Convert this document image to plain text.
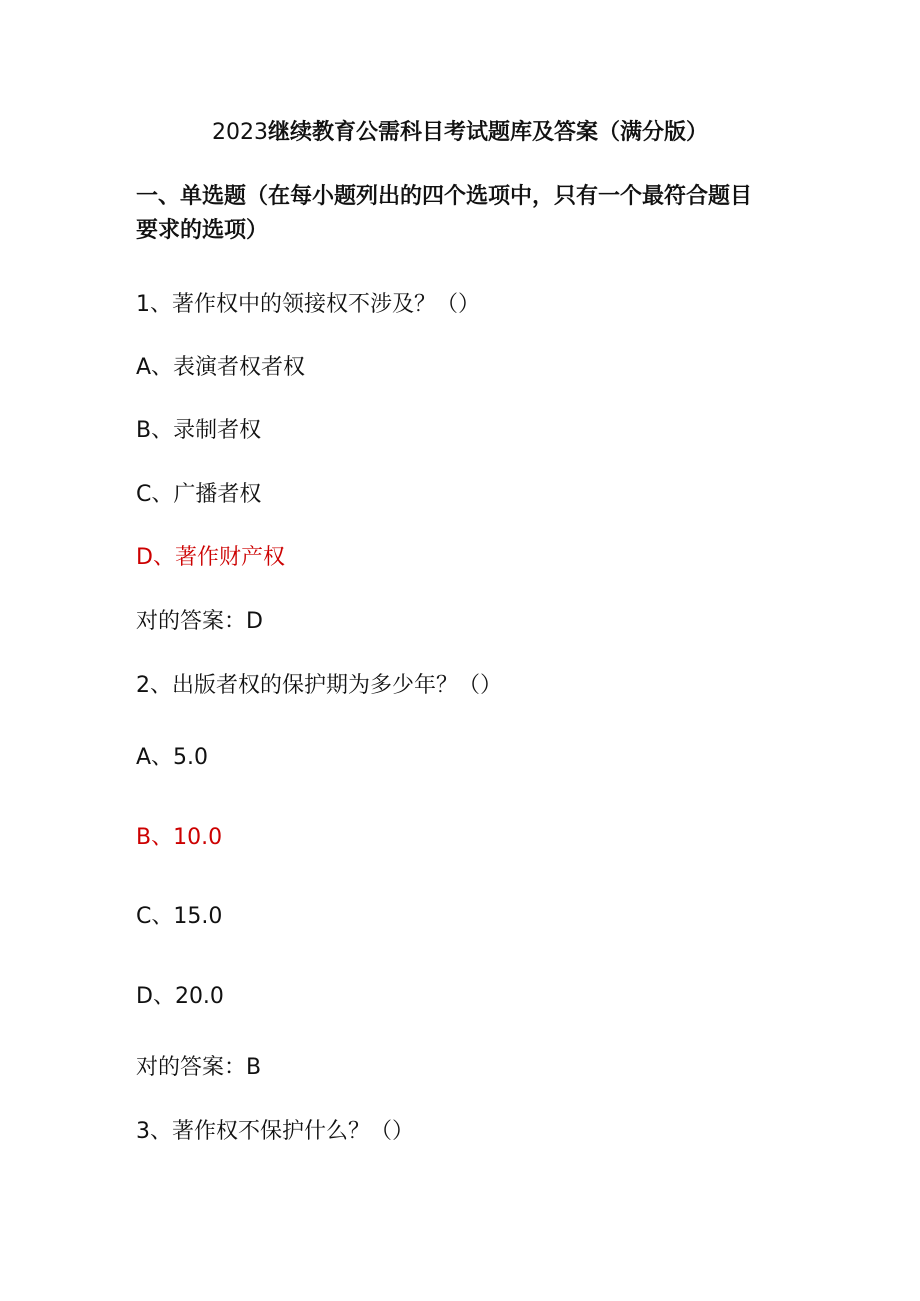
2023继续教育公需科目考试题库及答案（满分版）
一、单选题（在每小题列出的四个选项中，只有一个最符合题目
要求的选项）
1、著作权中的领接权不涉及？（）
A、表演者权者权
B、录制者权
C、广播者权
D、著作财产权
对的答案：D
2、出版者权的保护期为多少年？（）
A、5.0
B、10.0
C、15.0
D、20.0
对的答案：B
3、著作权不保护什么？（）
